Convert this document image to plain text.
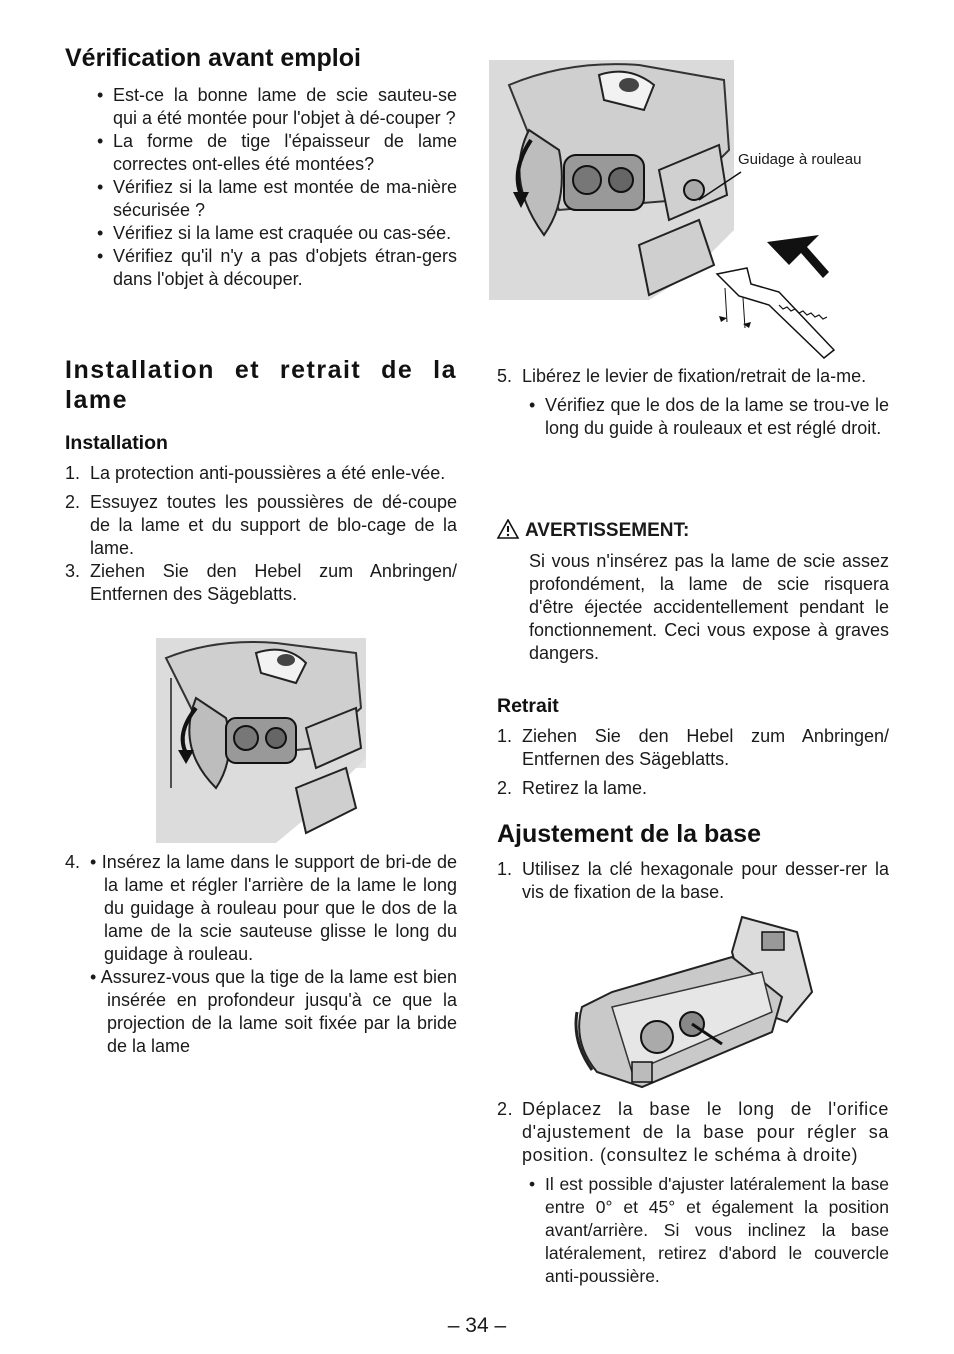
Vérification avant emploi
• Est-ce la bonne lame de scie sauteu-se qui a été montée pour l'objet à dé-couper ?
• La forme de tige l'épaisseur de lame correctes ont-elles été montées?
• Vérifiez si la lame est montée de ma-nière sécurisée ?
• Vérifiez si la lame est craquée ou cas-sée.
• Vérifiez qu'il n'y a pas d'objets étran-gers dans l'objet à découper.
Installation et retrait de la lame
Installation
1. La protection anti-poussières a été enle-vée.
2. Essuyez toutes les poussières de dé-coupe de la lame et du support de blo-cage de la lame.
3. Ziehen Sie den Hebel zum Anbringen/ Entfernen des Sägeblatts.
4. • Insérez la lame dans le support de bri-de de la lame et régler l'arrière de la lame le long du guidage à rouleau pour que le dos de la lame de la scie sauteuse glisse le long du guidage à rouleau.
• Assurez-vous que la tige de la lame est bien insérée en profondeur jusqu'à ce que la projection de la lame soit fixée par la bride de la lame
Guidage à rouleau
5. Libérez le levier de fixation/retrait de la-me.
• Vérifiez que le dos de la lame se trou-ve le long du guide à rouleaux et est réglé droit.
AVERTISSEMENT:
Si vous n'insérez pas la lame de scie assez profondément, la lame de scie risquera d'être éjectée accidentellement pendant le fonctionnement. Ceci vous expose à graves dangers.
Retrait
1. Ziehen Sie den Hebel zum Anbringen/ Entfernen des Sägeblatts.
2. Retirez la lame.
Ajustement de la base
1. Utilisez la clé hexagonale pour desser-rer la vis de fixation de la base.
2. Déplacez la base le long de l'orifice d'ajustement de la base pour régler sa position. (consultez le schéma à droite)
• Il est possible d'ajuster latéralement la base entre 0° et 45° et également la position avant/arrière. Si vous inclinez la base latéralement, retirez d'abord le couvercle anti-poussière.
– 34 –
